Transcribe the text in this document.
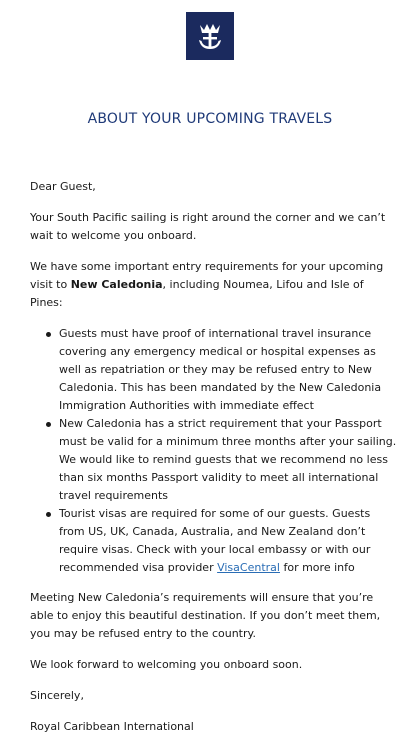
ABOUT YOUR UPCOMING TRAVELS

Dear Guest,

Your South Pacific sailing is right around the corner and we can’t wait to welcome you onboard.

We have some important entry requirements for your upcoming visit to New Caledonia, including Noumea, Lifou and Isle of Pines:

Guests must have proof of international travel insurance covering any emergency medical or hospital expenses as well as repatriation or they may be refused entry to New Caledonia. This has been mandated by the New Caledonia Immigration Authorities with immediate effect
New Caledonia has a strict requirement that your Passport must be valid for a minimum three months after your sailing. We would like to remind guests that we recommend no less than six months Passport validity to meet all international travel requirements
Tourist visas are required for some of our guests. Guests from US, UK, Canada, Australia, and New Zealand don’t require visas. Check with your local embassy or with our recommended visa provider VisaCentral for more info

Meeting New Caledonia’s requirements will ensure that you’re able to enjoy this beautiful destination. If you don’t meet them, you may be refused entry to the country.

We look forward to welcoming you onboard soon.

Sincerely,

Royal Caribbean International
